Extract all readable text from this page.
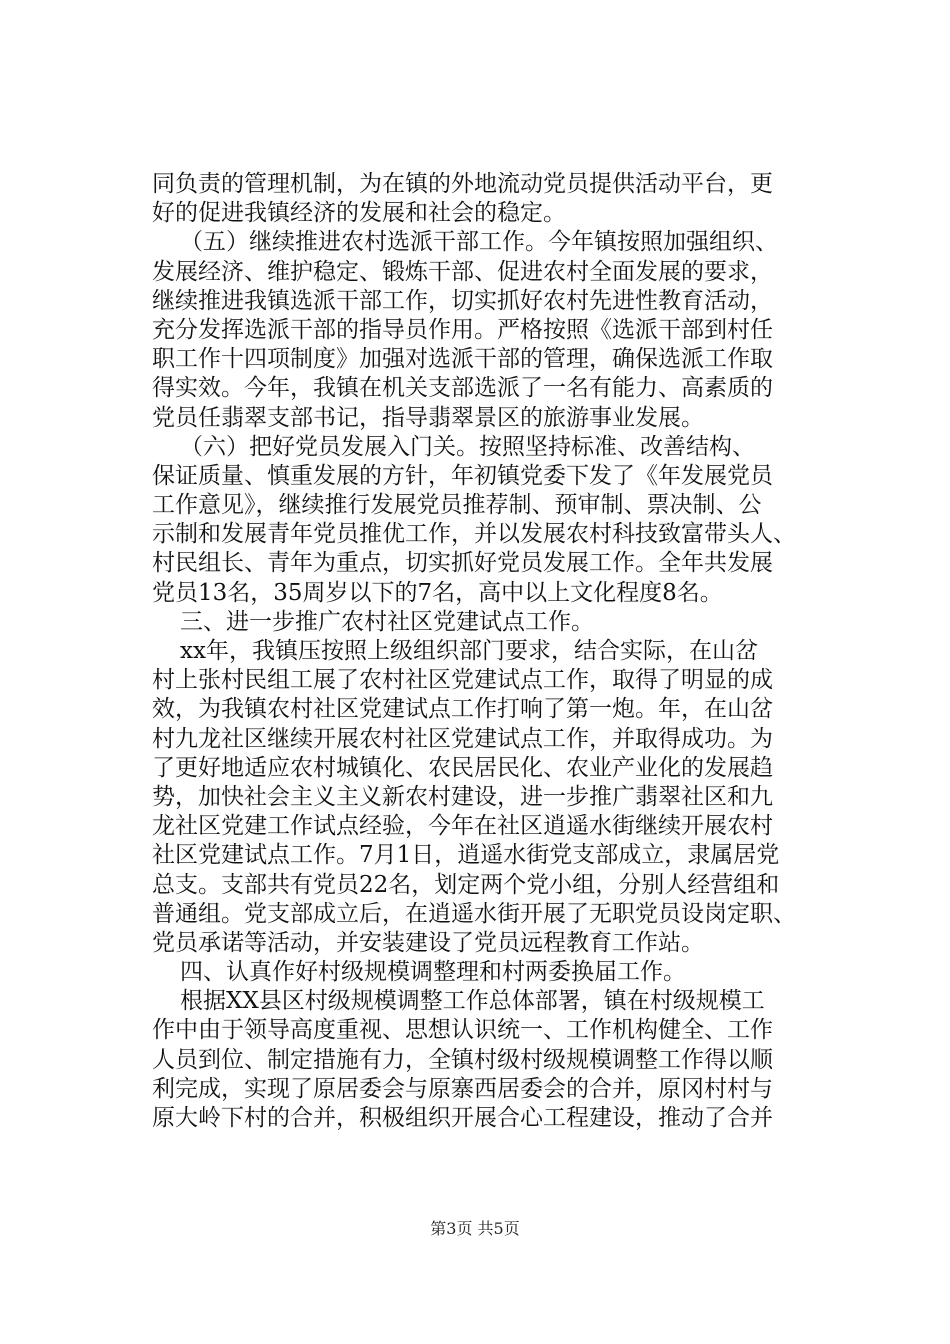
同负责的管理机制，为在镇的外地流动党员提供活动平台，更
好的促进我镇经济的发展和社会的稳定。
（五）继续推进农村选派干部工作。今年镇按照加强组织、
发展经济、维护稳定、锻炼干部、促进农村全面发展的要求，
继续推进我镇选派干部工作，切实抓好农村先进性教育活动，
充分发挥选派干部的指导员作用。严格按照《选派干部到村任
职工作十四项制度》加强对选派干部的管理，确保选派工作取
得实效。今年，我镇在机关支部选派了一名有能力、高素质的
党员任翡翠支部书记，指导翡翠景区的旅游事业发展。
（六）把好党员发展入门关。按照坚持标准、改善结构、
保证质量、慎重发展的方针，年初镇党委下发了《年发展党员
工作意见》，继续推行发展党员推荐制、预审制、票决制、公
示制和发展青年党员推优工作，并以发展农村科技致富带头人、
村民组长、青年为重点，切实抓好党员发展工作。全年共发展
党员13名，35周岁以下的7名，高中以上文化程度8名。
三、进一步推广农村社区党建试点工作。
xx年，我镇压按照上级组织部门要求，结合实际，在山岔
村上张村民组工展了农村社区党建试点工作，取得了明显的成
效，为我镇农村社区党建试点工作打响了第一炮。年，在山岔
村九龙社区继续开展农村社区党建试点工作，并取得成功。为
了更好地适应农村城镇化、农民居民化、农业产业化的发展趋
势，加快社会主义主义新农村建设，进一步推广翡翠社区和九
龙社区党建工作试点经验，今年在社区逍遥水街继续开展农村
社区党建试点工作。7月1日，逍遥水街党支部成立，隶属居党
总支。支部共有党员22名，划定两个党小组，分别人经营组和
普通组。党支部成立后，在逍遥水街开展了无职党员设岗定职、
党员承诺等活动，并安装建设了党员远程教育工作站。
四、认真作好村级规模调整理和村两委换届工作。
根据XX县区村级规模调整工作总体部署，镇在村级规模工
作中由于领导高度重视、思想认识统一、工作机构健全、工作
人员到位、制定措施有力，全镇村级村级规模调整工作得以顺
利完成，实现了原居委会与原寨西居委会的合并，原冈村村与
原大岭下村的合并，积极组织开展合心工程建设，推动了合并
第3页 共5页
